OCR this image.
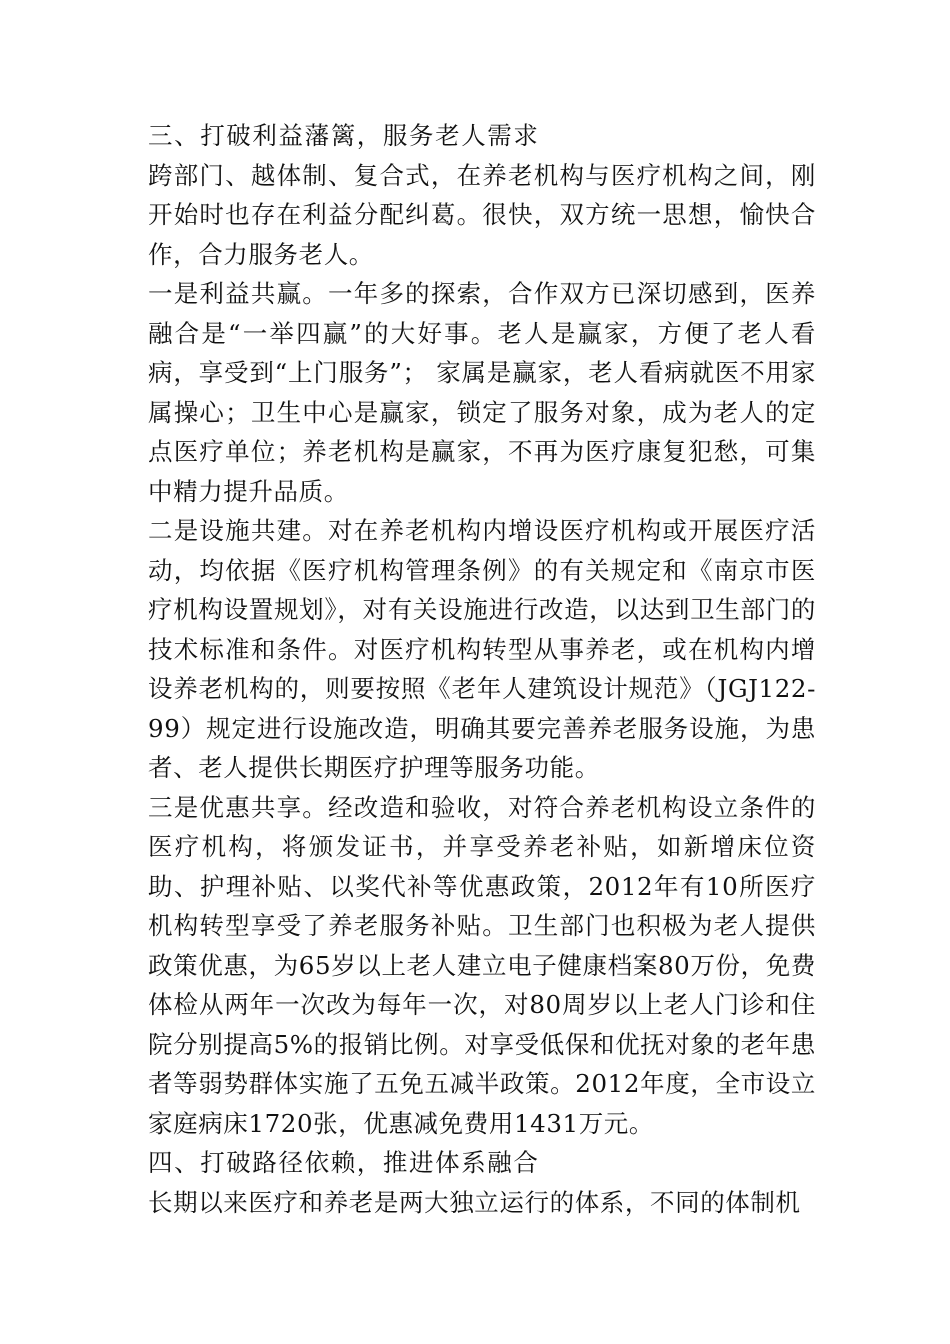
三、打破利益藩篱，服务老人需求

跨部门、越体制、复合式，在养老机构与医疗机构之间，刚开始时也存在利益分配纠葛。很快，双方统一思想，愉快合作，合力服务老人。

一是利益共赢。一年多的探索，合作双方已深切感到，医养融合是“一举四赢”的大好事。老人是赢家，方便了老人看病，享受到“上门服务”； 家属是赢家，老人看病就医不用家属操心；卫生中心是赢家，锁定了服务对象，成为老人的定点医疗单位；养老机构是赢家，不再为医疗康复犯愁，可集中精力提升品质。

二是设施共建。对在养老机构内增设医疗机构或开展医疗活动，均依据《医疗机构管理条例》的有关规定和《南京市医疗机构设置规划》，对有关设施进行改造，以达到卫生部门的技术标准和条件。对医疗机构转型从事养老，或在机构内增设养老机构的，则要按照《老年人建筑设计规范》（JGJ122-99）规定进行设施改造，明确其要完善养老服务设施，为患者、老人提供长期医疗护理等服务功能。

三是优惠共享。经改造和验收，对符合养老机构设立条件的医疗机构，将颁发证书，并享受养老补贴，如新增床位资助、护理补贴、以奖代补等优惠政策，2012年有10所医疗机构转型享受了养老服务补贴。卫生部门也积极为老人提供政策优惠，为65岁以上老人建立电子健康档案80万份，免费体检从两年一次改为每年一次，对80周岁以上老人门诊和住院分别提高5%的报销比例。对享受低保和优抚对象的老年患者等弱势群体实施了五免五减半政策。2012年度，全市设立家庭病床1720张，优惠减免费用1431万元。

四、打破路径依赖，推进体系融合

长期以来医疗和养老是两大独立运行的体系，不同的体制机
